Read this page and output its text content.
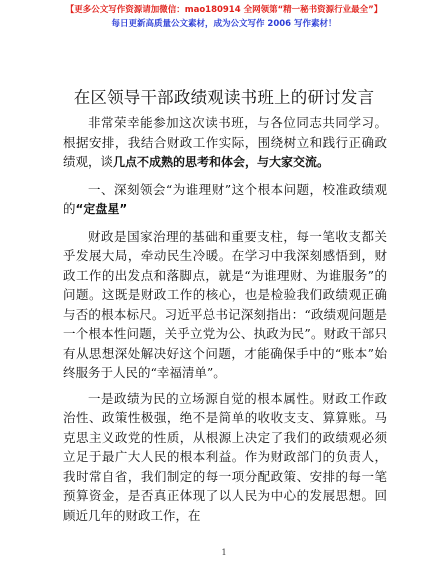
【更多公文写作资源请加微信：mao180914 全网领第“精一秘书资源行业最全”】
每日更新高质量公文素材，成为公文写作 2006 写作素材！
在区领导干部政绩观读书班上的研讨发言

非常荣幸能参加这次读书班，与各位同志共同学习。根据安排，我结合财政工作实际，围绕树立和践行正确政绩观，谈几点不成熟的思考和体会，与大家交流。

一、深刻领会“为谁理财”这个根本问题，校准政绩观的“定盘星”

财政是国家治理的基础和重要支柱，每一笔收支都关乎发展大局，牵动民生冷暖。在学习中我深刻感悟到，财政工作的出发点和落脚点，就是“为谁理财、为谁服务”的问题。这既是财政工作的核心，也是检验我们政绩观正确与否的根本标尺。习近平总书记深刻指出：“政绩观问题是一个根本性问题，关乎立党为公、执政为民”。财政干部只有从思想深处解决好这个问题，才能确保手中的“账本”始终服务于人民的“幸福清单”。

一是政绩为民的立场源自觉的根本属性。财政工作政治性、政策性极强，绝不是简单的收收支支、算算账。马克思主义政党的性质，从根源上决定了我们的政绩观必须立足于最广大人民的根本利益。作为财政部门的负责人，我时常自省，我们制定的每一项分配政策、安排的每一笔预算资金，是否真正体现了以人民为中心的发展思想。回顾近几年的财政工作，在

1
